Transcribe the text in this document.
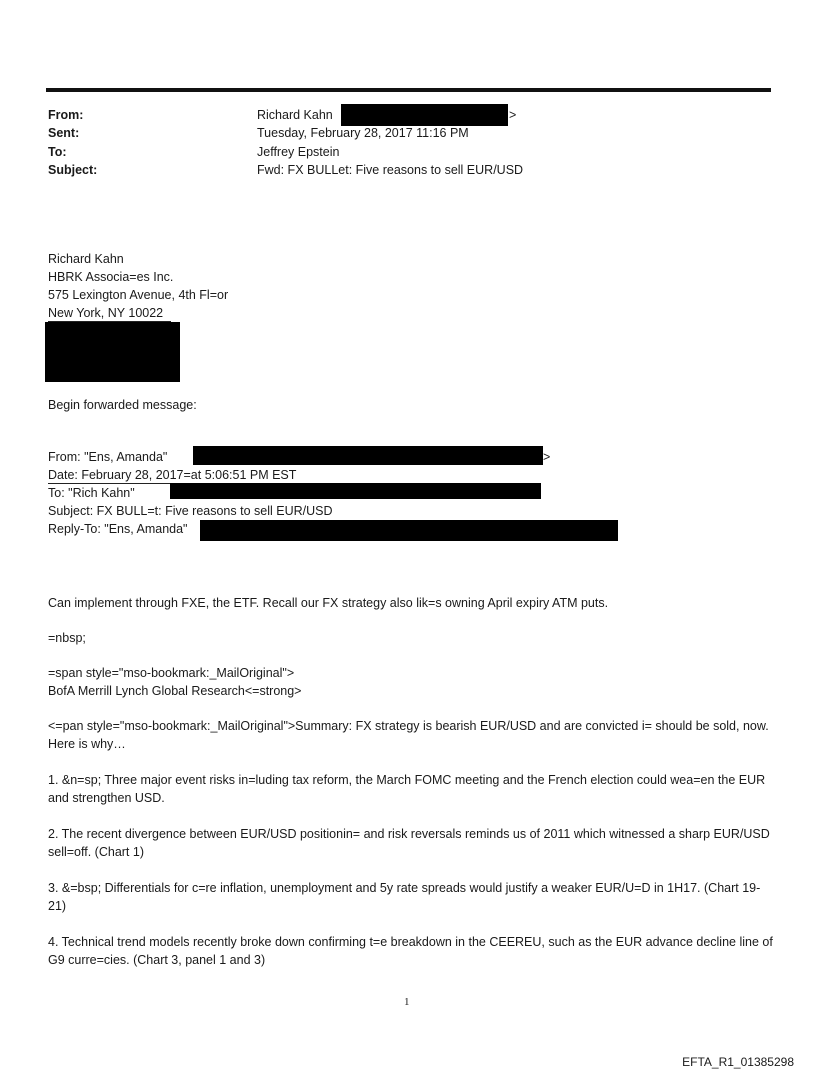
From:	Richard Kahn	>
Sent:	Tuesday, February 28, 2017 11:16 PM
To:	Jeffrey Epstein
Subject:	Fwd: FX BULLet: Five reasons to sell EUR/USD
Richard Kahn
HBRK Associa=es Inc.
575 Lexington Avenue, 4th Fl=or
New York, NY 10022
Begin forwarded message:
From: "Ens, Amanda"	>
Date: February 28, 2017=at 5:06:51 PM EST
To: "Rich Kahn"
Subject: FX BULL=t: Five reasons to sell EUR/USD
Reply-To: "Ens, Amanda"
Can implement through FXE, the ETF. Recall our FX strategy also lik=s owning April expiry ATM puts.
=nbsp;
=span style="mso-bookmark:_MailOriginal">
BofA Merrill Lynch Global Research<=strong>
<=pan style="mso-bookmark:_MailOriginal">Summary: FX strategy is bearish EUR/USD and are convicted i= should be sold, now. Here is why…
1. &n=sp; Three major event risks in=luding tax reform, the March FOMC meeting and the French election could wea=en the EUR and strengthen USD.
2. The recent divergence between EUR/USD positionin= and risk reversals reminds us of 2011 which witnessed a sharp EUR/USD sell=off. (Chart 1)
3. &=bsp; Differentials for c=re inflation, unemployment and 5y rate spreads would justify a weaker EUR/U=D in 1H17. (Chart 19-21)
4. Technical trend models recently broke down confirming t=e breakdown in the CEEREU, such as the EUR advance decline line of G9 curre=cies. (Chart 3, panel 1 and 3)
1
EFTA_R1_01385298
